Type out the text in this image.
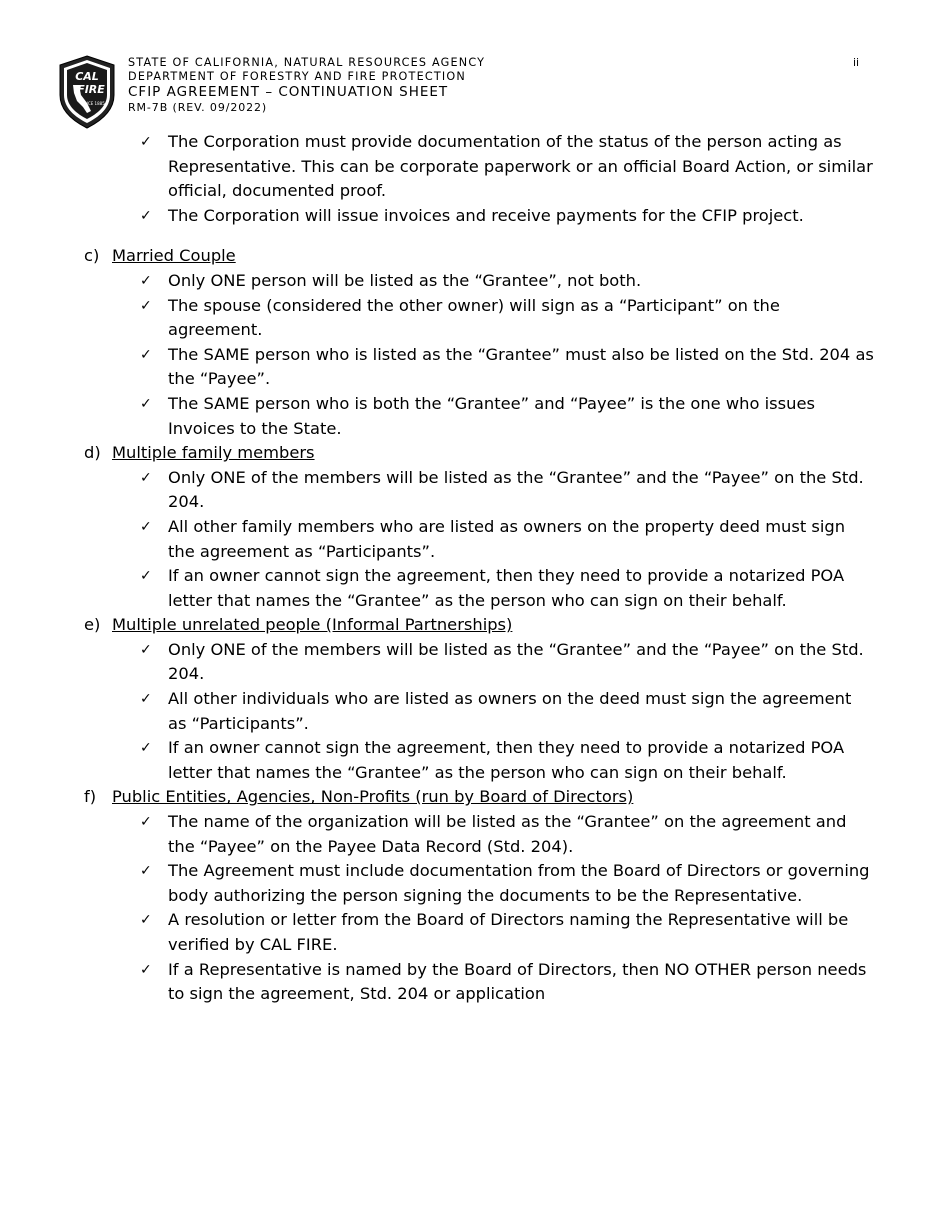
CAL
FIRE
SINCE 1885
STATE OF CALIFORNIA, NATURAL RESOURCES AGENCY
DEPARTMENT OF FORESTRY AND FIRE PROTECTION
CFIP AGREEMENT – CONTINUATION SHEET
RM-7B (REV. 09/2022)
ii
✓ The Corporation must provide documentation of the status of the person acting as Representative. This can be corporate paperwork or an official Board Action, or similar official, documented proof.
✓ The Corporation will issue invoices and receive payments for the CFIP project.
c) Married Couple
✓ Only ONE person will be listed as the “Grantee”, not both.
✓ The spouse (considered the other owner) will sign as a “Participant” on the agreement.
✓ The SAME person who is listed as the “Grantee” must also be listed on the Std. 204 as the “Payee”.
✓ The SAME person who is both the “Grantee” and “Payee” is the one who issues Invoices to the State.
d) Multiple family members
✓ Only ONE of the members will be listed as the “Grantee” and the “Payee” on the Std. 204.
✓ All other family members who are listed as owners on the property deed must sign the agreement as “Participants”.
✓ If an owner cannot sign the agreement, then they need to provide a notarized POA letter that names the “Grantee” as the person who can sign on their behalf.
e) Multiple unrelated people (Informal Partnerships)
✓ Only ONE of the members will be listed as the “Grantee” and the “Payee” on the Std. 204.
✓ All other individuals who are listed as owners on the deed must sign the agreement as “Participants”.
✓ If an owner cannot sign the agreement, then they need to provide a notarized POA letter that names the “Grantee” as the person who can sign on their behalf.
f) Public Entities, Agencies, Non-Profits (run by Board of Directors)
✓ The name of the organization will be listed as the “Grantee” on the agreement and the “Payee” on the Payee Data Record (Std. 204).
✓ The Agreement must include documentation from the Board of Directors or governing body authorizing the person signing the documents to be the Representative.
✓ A resolution or letter from the Board of Directors naming the Representative will be verified by CAL FIRE.
✓ If a Representative is named by the Board of Directors, then NO OTHER person needs to sign the agreement, Std. 204 or application
